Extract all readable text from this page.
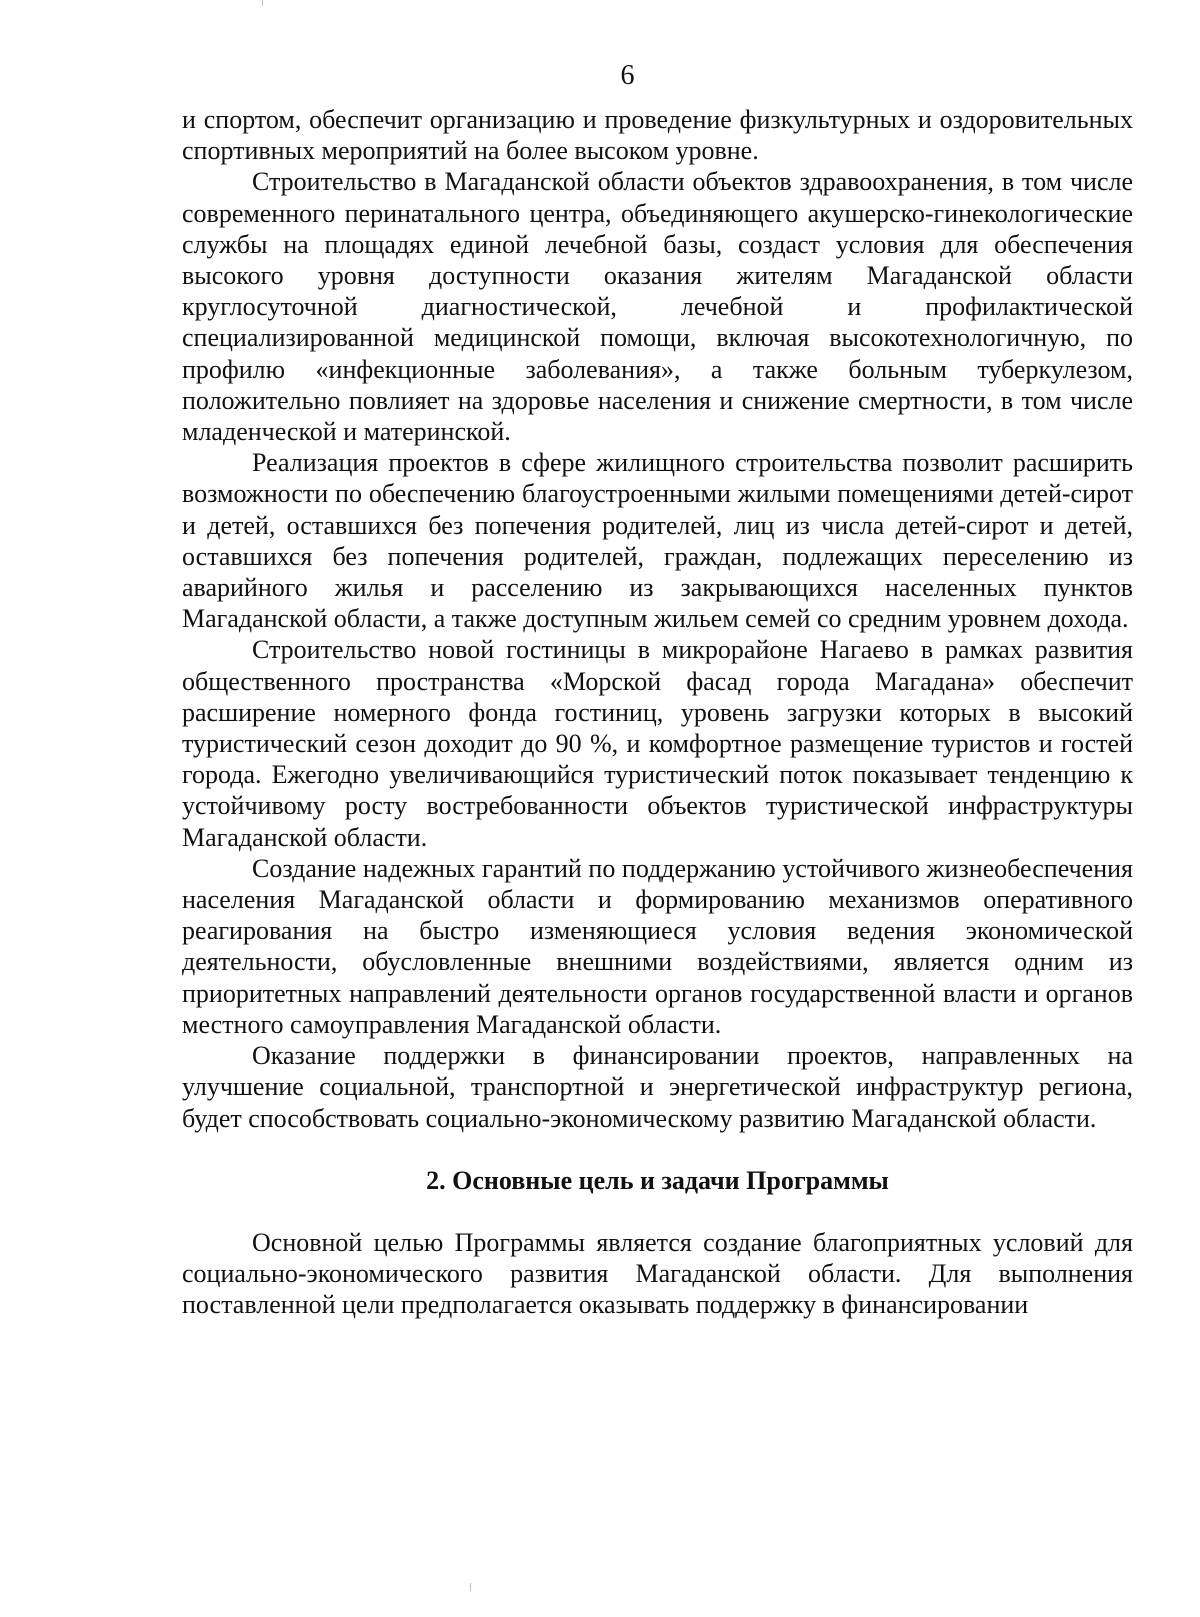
6

и спортом, обеспечит организацию и проведение физкультурных и оздоровительных спортивных мероприятий на более высоком уровне.

Строительство в Магаданской области объектов здравоохранения, в том числе современного перинатального центра, объединяющего акушерско-гинекологические службы на площадях единой лечебной базы, создаст условия для обеспечения высокого уровня доступности оказания жителям Магаданской области круглосуточной диагностической, лечебной и профилактической специализированной медицинской помощи, включая высокотехнологичную, по профилю «инфекционные заболевания», а также больным туберкулезом, положительно повлияет на здоровье населения и снижение смертности, в том числе младенческой и материнской.

Реализация проектов в сфере жилищного строительства позволит расширить возможности по обеспечению благоустроенными жилыми помещениями детей-сирот и детей, оставшихся без попечения родителей, лиц из числа детей-сирот и детей, оставшихся без попечения родителей, граждан, подлежащих переселению из аварийного жилья и расселению из закрывающихся населенных пунктов Магаданской области, а также доступным жильем семей со средним уровнем дохода.

Строительство новой гостиницы в микрорайоне Нагаево в рамках развития общественного пространства «Морской фасад города Магадана» обеспечит расширение номерного фонда гостиниц, уровень загрузки которых в высокий туристический сезон доходит до 90 %, и комфортное размещение туристов и гостей города. Ежегодно увеличивающийся туристический поток показывает тенденцию к устойчивому росту востребованности объектов туристической инфраструктуры Магаданской области.

Создание надежных гарантий по поддержанию устойчивого жизнеобеспечения населения Магаданской области и формированию механизмов оперативного реагирования на быстро изменяющиеся условия ведения экономической деятельности, обусловленные внешними воздействиями, является одним из приоритетных направлений деятельности органов государственной власти и органов местного самоуправления Магаданской области.

Оказание поддержки в финансировании проектов, направленных на улучшение социальной, транспортной и энергетической инфраструктур региона, будет способствовать социально-экономическому развитию Магаданской области.

2. Основные цель и задачи Программы

Основной целью Программы является создание благоприятных условий для социально-экономического развития Магаданской области. Для выполнения поставленной цели предполагается оказывать поддержку в финансировании
